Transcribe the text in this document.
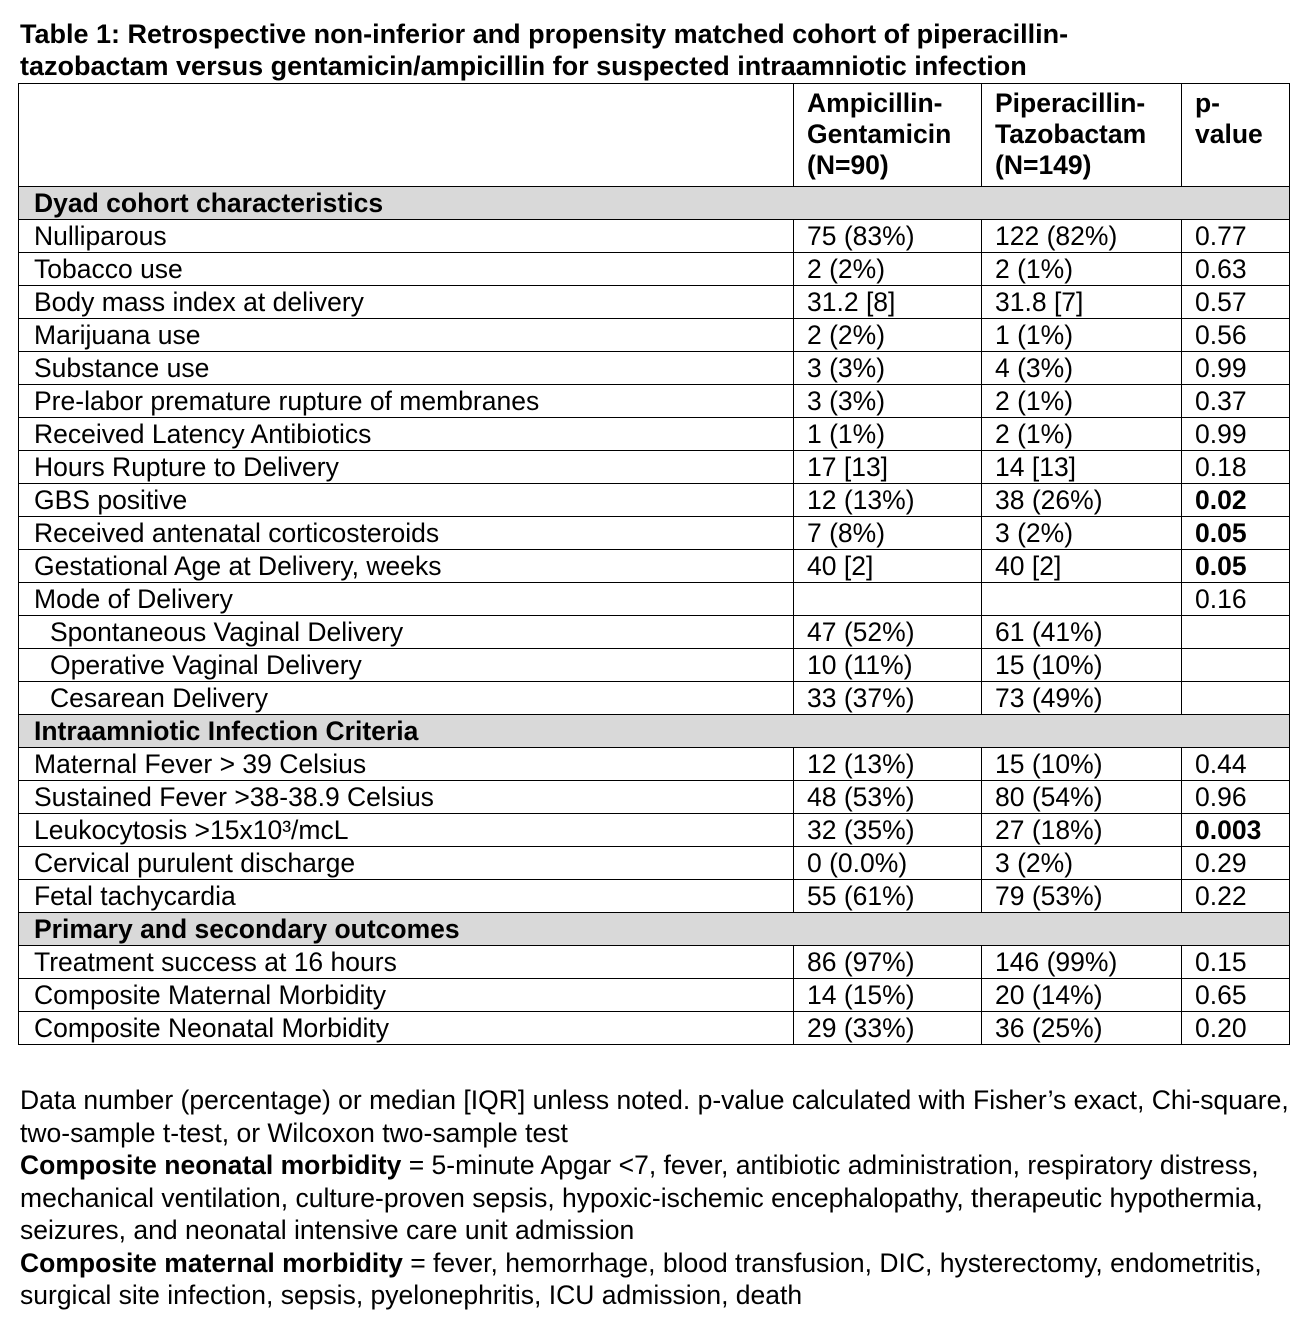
Table 1: Retrospective non-inferior and propensity matched cohort of piperacillin-
tazobactam versus gentamicin/ampicillin for suspected intraamniotic infection

	Ampicillin-
Gentamicin
(N=90)	Piperacillin-
Tazobactam
(N=149)	p-
value

Dyad cohort characteristics			
Nulliparous	75 (83%)	122 (82%)	0.77
Tobacco use	2 (2%)	2 (1%)	0.63
Body mass index at delivery	31.2 [8]	31.8 [7]	0.57
Marijuana use	2 (2%)	1 (1%)	0.56
Substance use	3 (3%)	4 (3%)	0.99
Pre-labor premature rupture of membranes	3 (3%)	2 (1%)	0.37
Received Latency Antibiotics	1 (1%)	2 (1%)	0.99
Hours Rupture to Delivery	17 [13]	14 [13]	0.18
GBS positive	12 (13%)	38 (26%)	0.02
Received antenatal corticosteroids	7 (8%)	3 (2%)	0.05
Gestational Age at Delivery, weeks	40 [2]	40 [2]	0.05
Mode of Delivery			0.16
Spontaneous Vaginal Delivery	47 (52%)	61 (41%)	
Operative Vaginal Delivery	10 (11%)	15 (10%)	
Cesarean Delivery	33 (37%)	73 (49%)	
Intraamniotic Infection Criteria			
Maternal Fever > 39 Celsius	12 (13%)	15 (10%)	0.44
Sustained Fever >38-38.9 Celsius	48 (53%)	80 (54%)	0.96
Leukocytosis >15x10³/mcL	32 (35%)	27 (18%)	0.003
Cervical purulent discharge	0 (0.0%)	3 (2%)	0.29
Fetal tachycardia	55 (61%)	79 (53%)	0.22
Primary and secondary outcomes			
Treatment success at 16 hours	86 (97%)	146 (99%)	0.15
Composite Maternal Morbidity	14 (15%)	20 (14%)	0.65
Composite Neonatal Morbidity	29 (33%)	36 (25%)	0.20

Data number (percentage) or median [IQR] unless noted. p-value calculated with Fisher’s exact, Chi-square, two-sample t-test, or Wilcoxon two-sample test

Composite neonatal morbidity = 5-minute Apgar <7, fever, antibiotic administration, respiratory distress, mechanical ventilation, culture-proven sepsis, hypoxic-ischemic encephalopathy, therapeutic hypothermia, seizures, and neonatal intensive care unit admission

Composite maternal morbidity = fever, hemorrhage, blood transfusion, DIC, hysterectomy, endometritis, surgical site infection, sepsis, pyelonephritis, ICU admission, death
